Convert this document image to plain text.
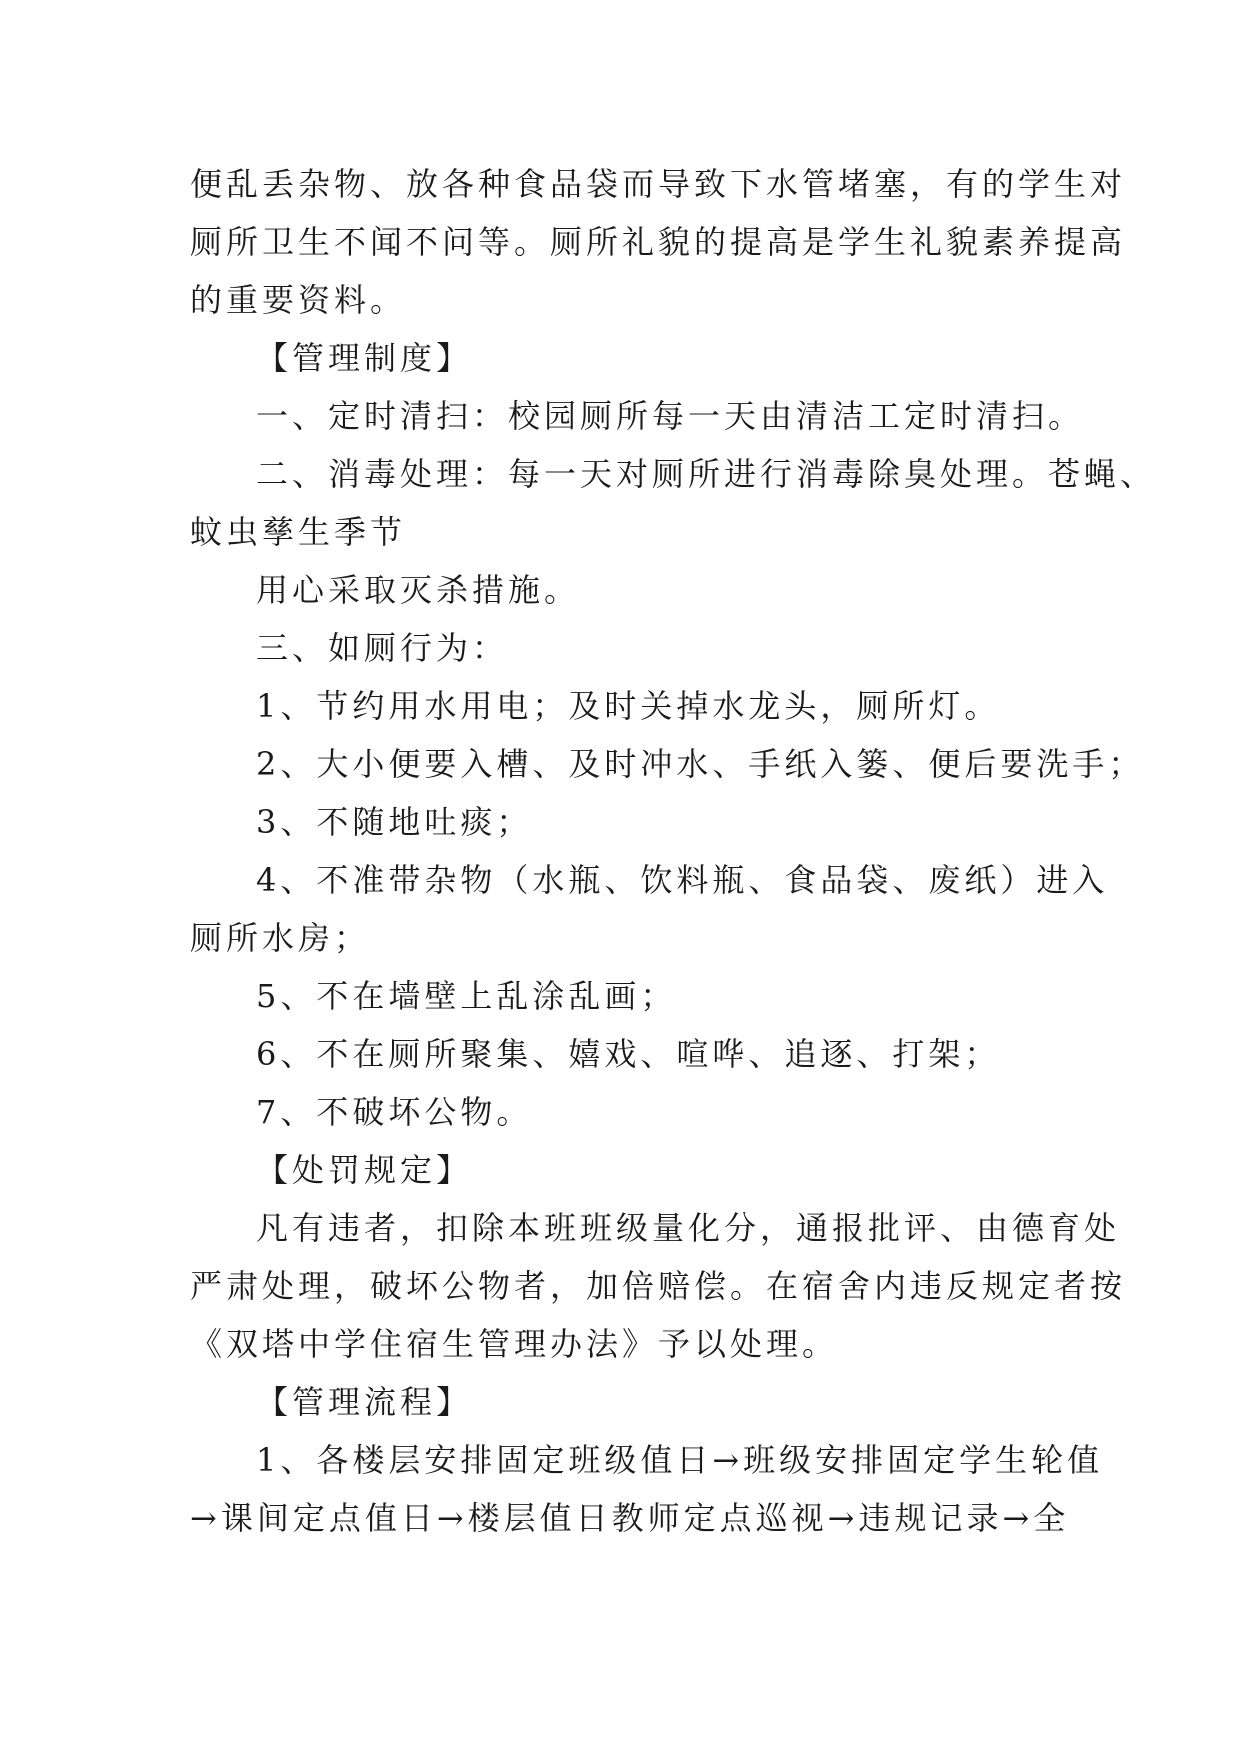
便乱丢杂物、放各种食品袋而导致下水管堵塞，有的学生对
厕所卫生不闻不问等。厕所礼貌的提高是学生礼貌素养提高
的重要资料。
【管理制度】
一、定时清扫：校园厕所每一天由清洁工定时清扫。
二、消毒处理：每一天对厕所进行消毒除臭处理。苍蝇、
蚊虫孳生季节
用心采取灭杀措施。
三、如厕行为：
1、节约用水用电；及时关掉水龙头，厕所灯。
2、大小便要入槽、及时冲水、手纸入篓、便后要洗手；
3、不随地吐痰；
4、不准带杂物（水瓶、饮料瓶、食品袋、废纸）进入
厕所水房；
5、不在墙壁上乱涂乱画；
6、不在厕所聚集、嬉戏、喧哗、追逐、打架；
7、不破坏公物。
【处罚规定】
凡有违者，扣除本班班级量化分，通报批评、由德育处
严肃处理，破坏公物者，加倍赔偿。在宿舍内违反规定者按
《双塔中学住宿生管理办法》予以处理。
【管理流程】
1、各楼层安排固定班级值日→班级安排固定学生轮值
→课间定点值日→楼层值日教师定点巡视→违规记录→全
